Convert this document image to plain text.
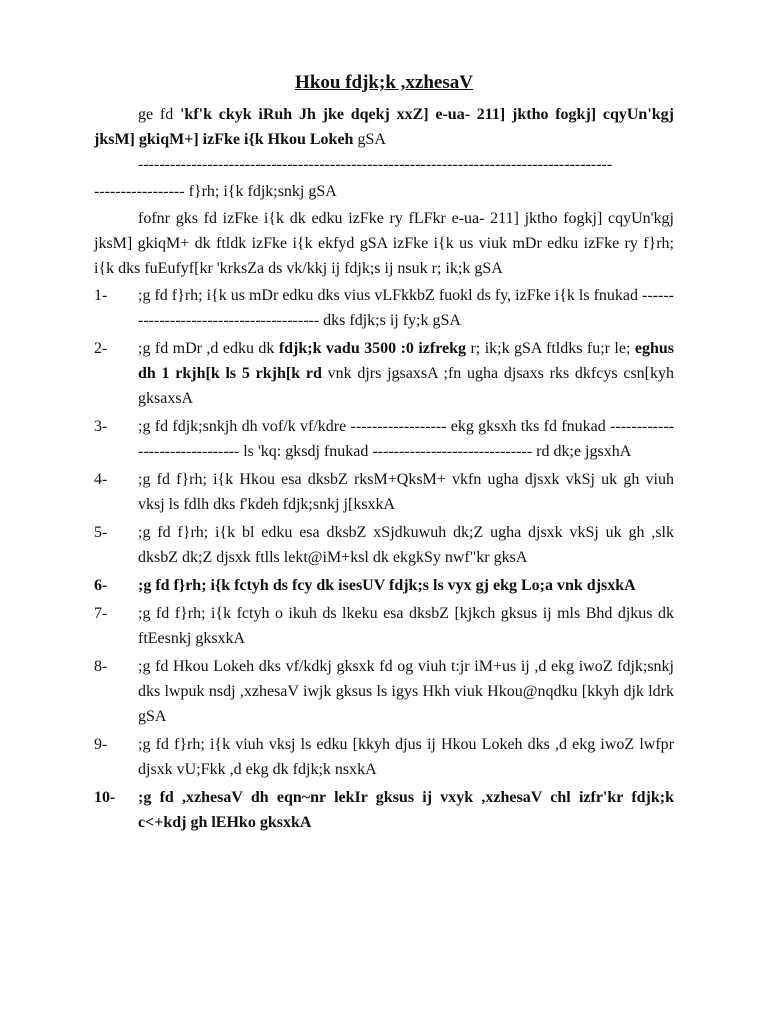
Hkou fdjk;k ,xzhesaV
ge fd 'kf'k ckyk iRuh Jh jke dqekj xxZ] e-ua- 211] jktho fogkj] cqyUn'kgj jksM] gkiqM+] izFke i{k Hkou Lokeh gSA
-----------------------------------------------------------------------------------------
----------------- f}rh; i{k fdjk;snkj gSA
fofnr gks fd izFke i{k dk edku izFke ry fLFkr e-ua- 211] jktho fogkj] cqyUn'kgj jksM] gkiqM+ dk ftldk izFke i{k ekfyd gSA izFke i{k us viuk mDr edku izFke ry f}rh; i{k dks fuEufyf[kr 'krksZa ds vk/kkj ij fdjk;s ij nsuk r; ik;k gSA
1-	;g fd f}rh; i{k us mDr edku dks vius vLFkkbZ fuokl ds fy, izFke i{k ls fnukad ---------------------------------------- dks fdjk;s ij fy;k gSA
2-	;g fd mDr ,d edku dk fdjk;k vadu 3500 :0 izfrekg r; ik;k gSA ftldks fu;r le; eghus dh 1 rkjh[k ls 5 rkjh[k rd vnk djrs jgsaxsA ;fn ugha djsaxs rks dkfcys csn[kyh gksaxsA
3-	;g fd fdjk;snkjh dh vof/k vf/kdre ------------------ ekg gksxh tks fd fnukad ------------------------------- ls 'kq: gksdj fnukad ------------------------------ rd dk;e jgsxhA
4-	;g fd f}rh; i{k Hkou esa dksbZ rksM+QksM+ vkfn ugha djsxk vkSj uk gh viuh vksj ls fdlh dks f'kdeh fdjk;snkj j[ksxkA
5-	;g fd f}rh; i{k bl edku esa dksbZ xSjdkuwuh dk;Z ugha djsxk vkSj uk gh ,slk dksbZ dk;Z djsxk ftlls lekt@iM+ksl dk ekgkSy nwf"kr gksA
6-	;g fd f}rh; i{k fctyh ds fcy dk isesUV fdjk;s ls vyx gj ekg Lo;a vnk djsxkA
7-	;g fd f}rh; i{k fctyh o ikuh ds lkeku esa dksbZ [kjkch gksus ij mls Bhd djkus dk ftEesnkj gksxkA
8-	;g fd Hkou Lokeh dks vf/kdkj gksxk fd og viuh t:jr iM+us ij ,d ekg iwoZ fdjk;snkj dks lwpuk nsdj ,xzhesaV iwjk gksus ls igys Hkh viuk Hkou@nqdku [kkyh djk ldrk gSA
9-	;g fd f}rh; i{k viuh vksj ls edku [kkyh djus ij Hkou Lokeh dks ,d ekg iwoZ lwfpr djsxk vU;Fkk ,d ekg dk fdjk;k nsxkA
10-	;g fd ,xzhesaV dh eqn~nr lekIr gksus ij vxyk ,xzhesaV chl izfr'kr fdjk;k c<+kdj gh lEHko gksxkA
